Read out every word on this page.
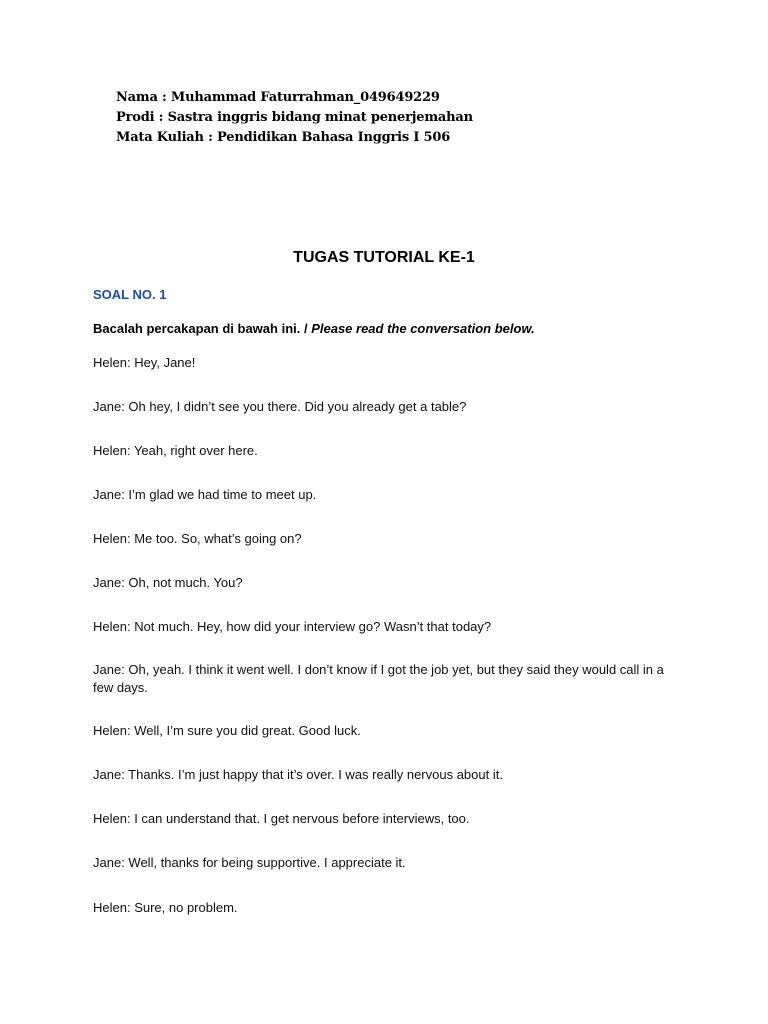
Nama : Muhammad Faturrahman_049649229
Prodi : Sastra inggris bidang minat penerjemahan
Mata Kuliah : Pendidikan Bahasa Inggris I 506
TUGAS TUTORIAL KE-1
SOAL NO. 1
Bacalah percakapan di bawah ini. / Please read the conversation below.
Helen: Hey, Jane!
Jane: Oh hey, I didn’t see you there. Did you already get a table?
Helen: Yeah, right over here.
Jane: I’m glad we had time to meet up.
Helen: Me too. So, what’s going on?
Jane: Oh, not much. You?
Helen: Not much. Hey, how did your interview go? Wasn’t that today?
Jane: Oh, yeah. I think it went well. I don’t know if I got the job yet, but they said they would call in a few days.
Helen: Well, I’m sure you did great. Good luck.
Jane: Thanks. I’m just happy that it’s over. I was really nervous about it.
Helen: I can understand that. I get nervous before interviews, too.
Jane: Well, thanks for being supportive. I appreciate it.
Helen: Sure, no problem.
